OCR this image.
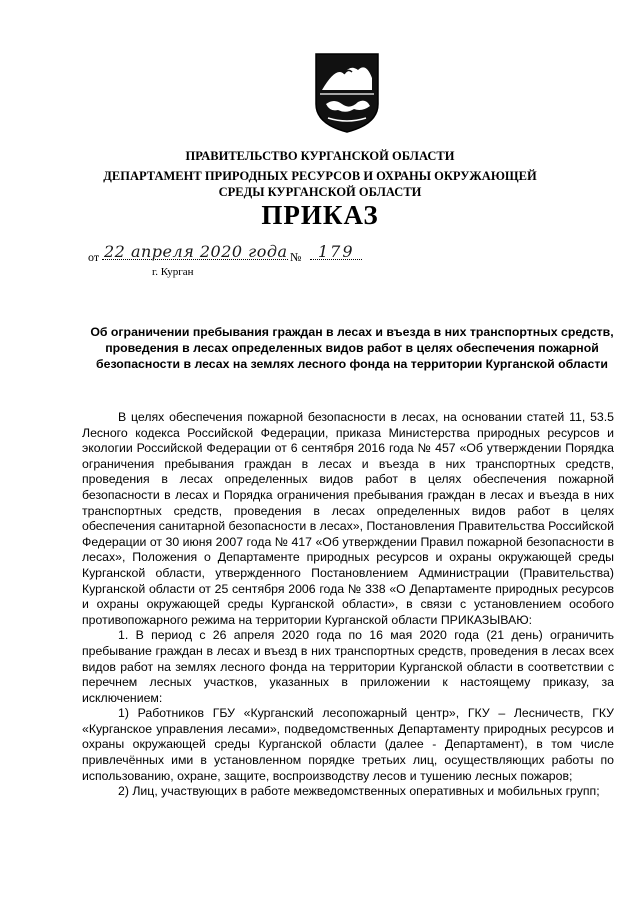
ПРАВИТЕЛЬСТВО КУРГАНСКОЙ ОБЛАСТИ
ДЕПАРТАМЕНТ ПРИРОДНЫХ РЕСУРСОВ И ОХРАНЫ ОКРУЖАЮЩЕЙ СРЕДЫ КУРГАНСКОЙ ОБЛАСТИ
ПРИКАЗ
от 22 апреля 2020 года № 179
г. Курган
Об ограничении пребывания граждан в лесах и въезда в них транспортных средств, проведения в лесах определенных видов работ в целях обеспечения пожарной безопасности в лесах на землях лесного фонда на территории Курганской области

В целях обеспечения пожарной безопасности в лесах, на основании статей 11, 53.5 Лесного кодекса Российской Федерации, приказа Министерства природных ресурсов и экологии Российской Федерации от 6 сентября 2016 года № 457 «Об утверждении Порядка ограничения пребывания граждан в лесах и въезда в них транспортных средств, проведения в лесах определенных видов работ в целях обеспечения пожарной безопасности в лесах и Порядка ограничения пребывания граждан в лесах и въезда в них транспортных средств, проведения в лесах определенных видов работ в целях обеспечения санитарной безопасности в лесах», Постановления Правительства Российской Федерации от 30 июня 2007 года № 417 «Об утверждении Правил пожарной безопасности в лесах», Положения о Департаменте природных ресурсов и охраны окружающей среды Курганской области, утвержденного Постановлением Администрации (Правительства) Курганской области от 25 сентября 2006 года № 338 «О Департаменте природных ресурсов и охраны окружающей среды Курганской области», в связи с установлением особого противопожарного режима на территории Курганской области ПРИКАЗЫВАЮ:

1. В период с 26 апреля 2020 года по 16 мая 2020 года (21 день) ограничить пребывание граждан в лесах и въезд в них транспортных средств, проведения в лесах всех видов работ на землях лесного фонда на территории Курганской области в соответствии с перечнем лесных участков, указанных в приложении к настоящему приказу, за исключением:

1) Работников ГБУ «Курганский лесопожарный центр», ГКУ – Лесничеств, ГКУ «Курганское управления лесами», подведомственных Департаменту природных ресурсов и охраны окружающей среды Курганской области (далее - Департамент), в том числе привлечённых ими в установленном порядке третьих лиц, осуществляющих работы по использованию, охране, защите, воспроизводству лесов и тушению лесных пожаров;

2) Лиц, участвующих в работе межведомственных оперативных и мобильных групп;
